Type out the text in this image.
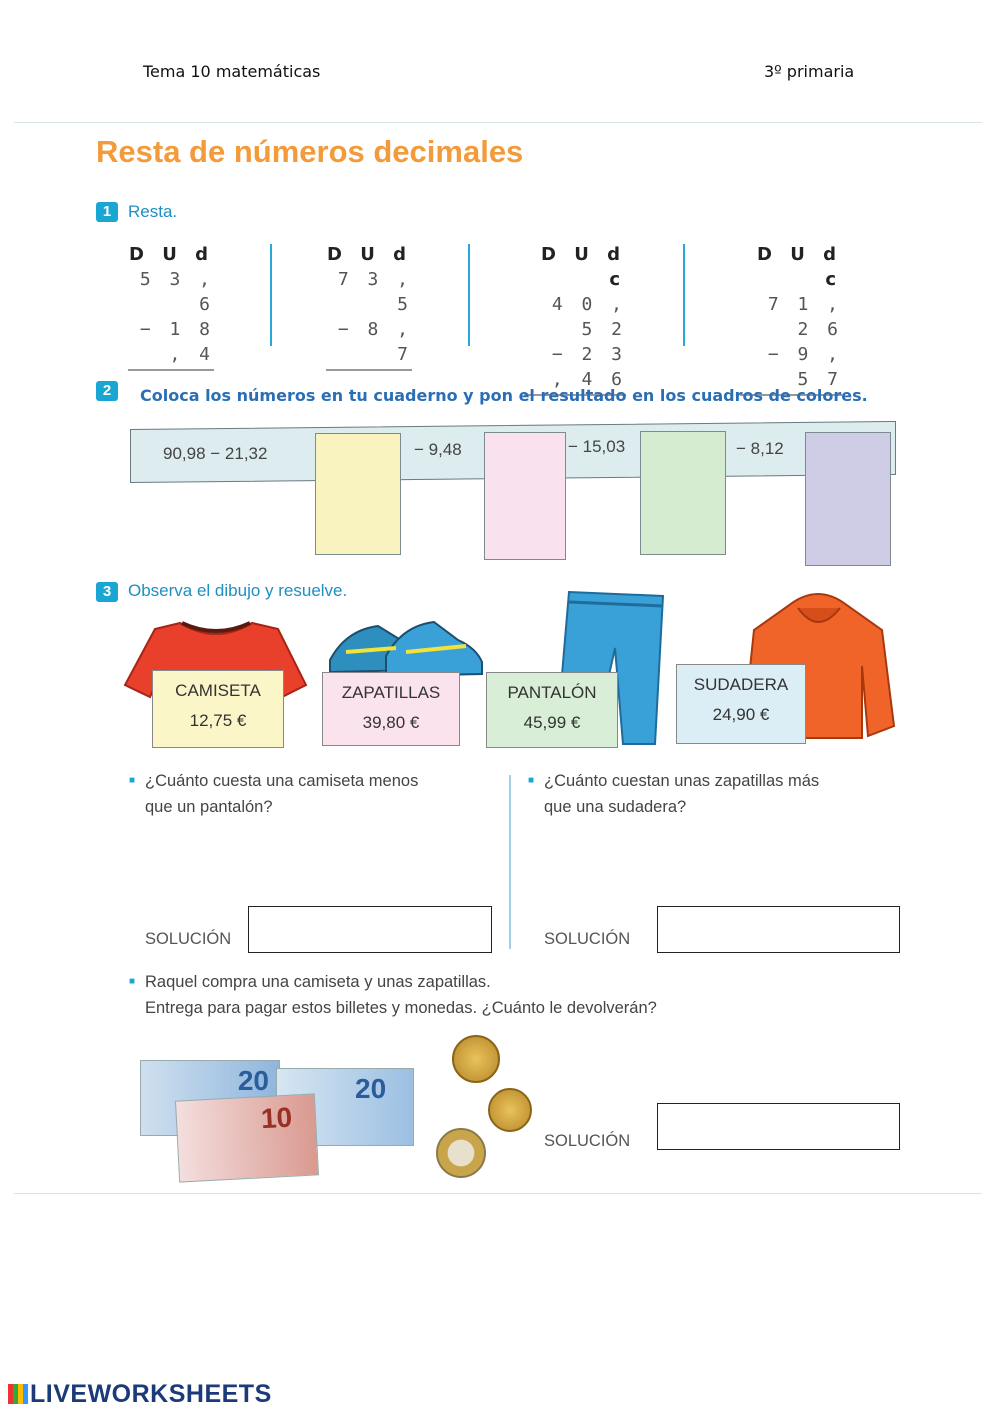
Tema 10 matemáticas	3º primaria
Resta de números decimales
1 Resta.
D U d
5 3 , 6
− 1 8 , 4
D U d
7 3 , 5
− 8 , 7
D U d c
4 0 , 5 2
− 2 3 , 4 6
D U d c
7 1 , 2 6
− 9 , 5 7
2	Coloca los números en tu cuaderno y pon el resultado en los cuadros de colores.
90,98 − 21,32	− 9,48	− 15,03	− 8,12
3 Observa el dibujo y resuelve.
CAMISETA
12,75 €
ZAPATILLAS
39,80 €
PANTALÓN
45,99 €
SUDADERA
24,90 €
■ ¿Cuánto cuesta una camiseta menos
que un pantalón?
■ ¿Cuánto cuestan unas zapatillas más
que una sudadera?
SOLUCIÓN	SOLUCIÓN
■ Raquel compra una camiseta y unas zapatillas.
Entrega para pagar estos billetes y monedas. ¿Cuánto le devolverán?
20	20
10
SOLUCIÓN
LIVEWORKSHEETS
